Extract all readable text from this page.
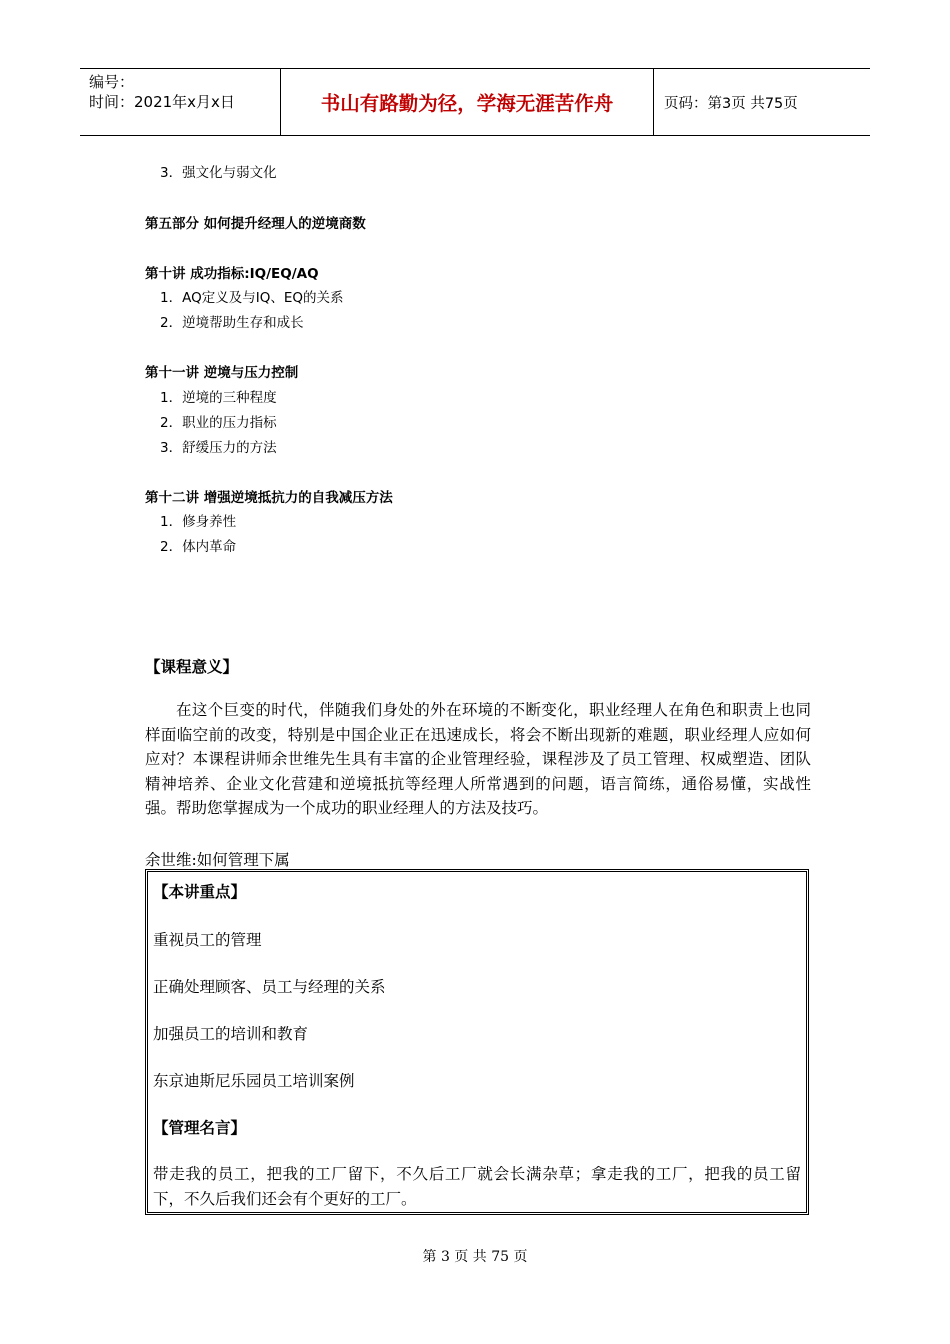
编号：
时间：2021年x月x日	书山有路勤为径，学海无涯苦作舟	页码：第3页 共75页
3．强文化与弱文化
第五部分 如何提升经理人的逆境商数
第十讲 成功指标:IQ/EQ/AQ
1．AQ定义及与IQ、EQ的关系
2．逆境帮助生存和成长
第十一讲 逆境与压力控制
1．逆境的三种程度
2．职业的压力指标
3．舒缓压力的方法
第十二讲 增强逆境抵抗力的自我减压方法
1．修身养性
2．体内革命
【课程意义】

在这个巨变的时代，伴随我们身处的外在环境的不断变化，职业经理人在角色和职责上也同样面临空前的改变，特别是中国企业正在迅速成长，将会不断出现新的难题，职业经理人应如何应对？本课程讲师余世维先生具有丰富的企业管理经验，课程涉及了员工管理、权威塑造、团队精神培养、企业文化营建和逆境抵抗等经理人所常遇到的问题，语言简练，通俗易懂，实战性强。帮助您掌握成为一个成功的职业经理人的方法及技巧。

余世维:如何管理下属
【本讲重点】
重视员工的管理
正确处理顾客、员工与经理的关系
加强员工的培训和教育
东京迪斯尼乐园员工培训案例
【管理名言】
带走我的员工，把我的工厂留下，不久后工厂就会长满杂草；拿走我的工厂，把我的员工留下，不久后我们还会有个更好的工厂。
第 3 页 共 75 页
